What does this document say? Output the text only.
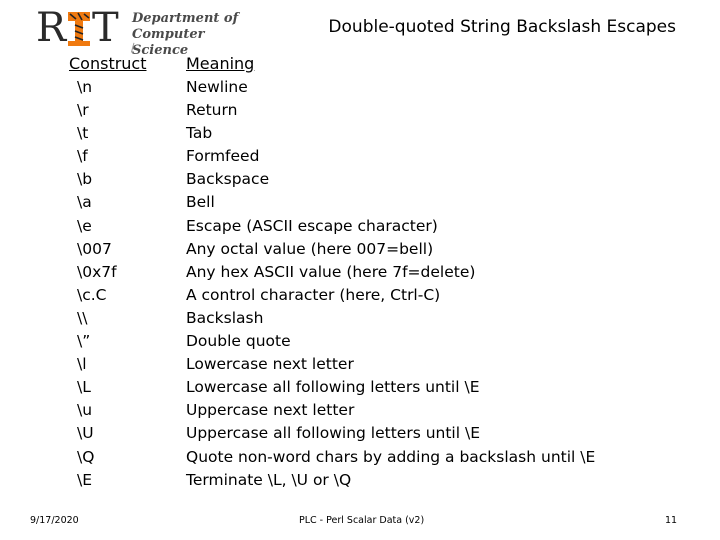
R T Department of
Computer Science
Double-quoted String Backslash Escapes
Construct Meaning
\n	Newline
\r	Return
\t	Tab
\f	Formfeed
\b	Backspace
\a	Bell
\e	Escape (ASCII escape character)
\007	Any octal value (here 007=bell)
\0x7f	Any hex ASCII value (here 7f=delete)
\c.C	A control character (here, Ctrl-C)
\\	Backslash
\”	Double quote
\l	Lowercase next letter
\L	Lowercase all following letters until \E
\u	Uppercase next letter
\U	Uppercase all following letters until \E
\Q	Quote non-word chars by adding a backslash until \E
\E	Terminate \L, \U or \Q
9/17/2020	PLC - Perl Scalar Data (v2)	11
